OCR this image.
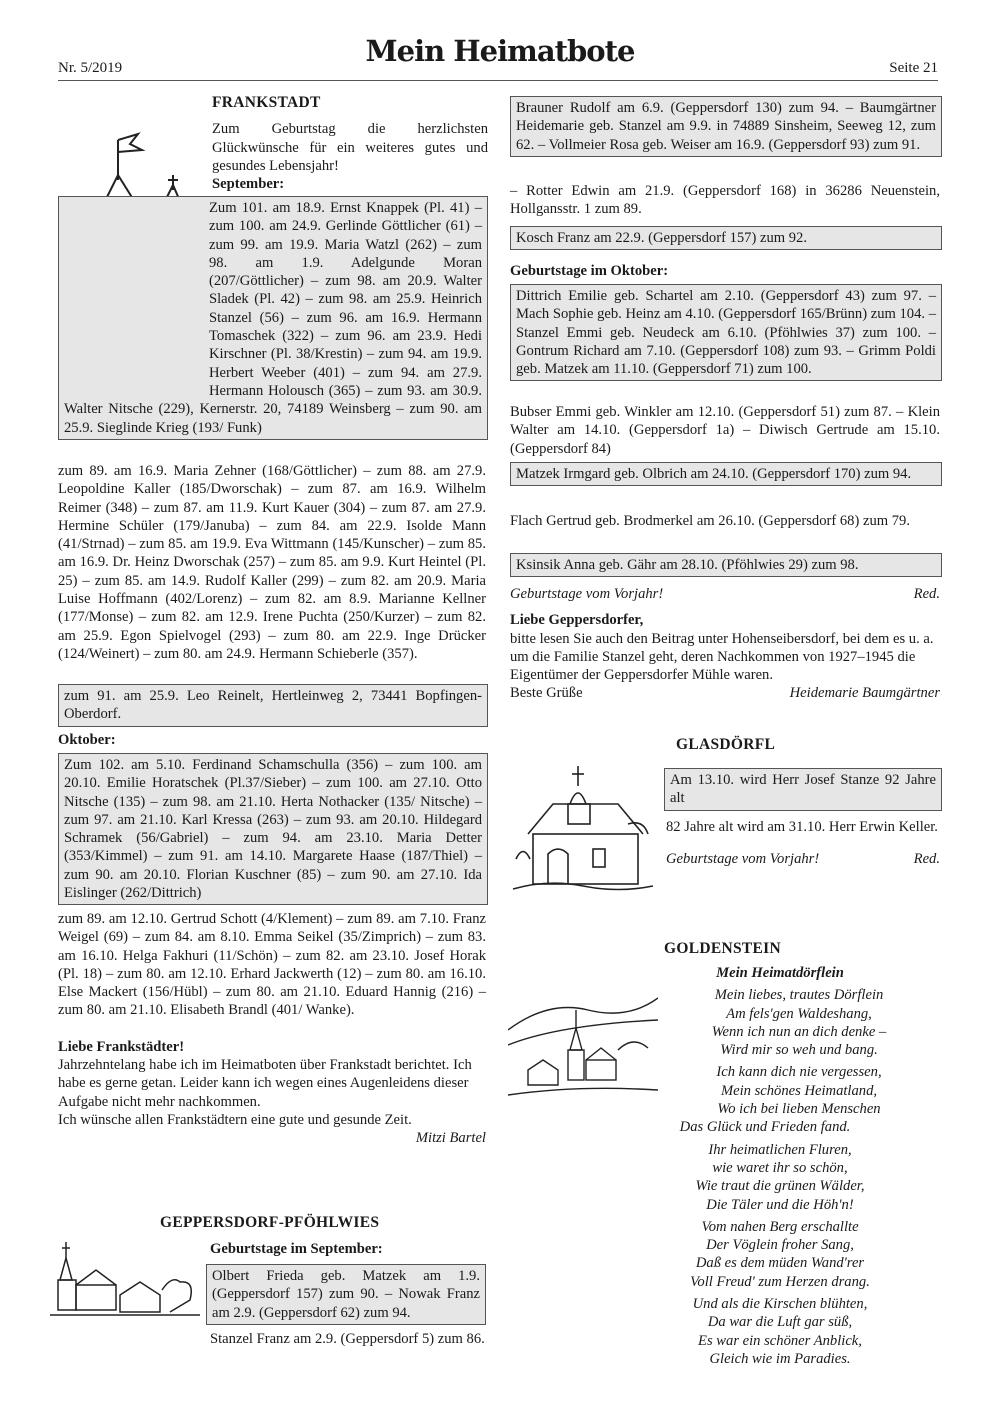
Nr. 5/2019	Mein Heimatbote	Seite 21

FRANKSTADT

Zum Geburtstag die herzlichsten Glückwünsche für ein weiteres gutes und gesundes Lebensjahr!

September:

Zum 101. am 18.9. Ernst Knappek (Pl. 41) – zum 100. am 24.9. Gerlinde Göttlicher (61) – zum 99. am 19.9. Maria Watzl (262) – zum 98. am 1.9. Adelgunde Moran (207/Göttlicher) – zum 98. am 20.9. Walter Sladek (Pl. 42) – zum 98. am 25.9. Heinrich Stanzel (56) – zum 96. am 16.9. Hermann Tomaschek (322) – zum 96. am 23.9. Hedi Kirschner (Pl. 38/Krestin) – zum 94. am 19.9. Herbert Weeber (401) – zum 94. am 27.9. Hermann Holousch (365) – zum 93. am 30.9. Walter Nitsche (229), Kernerstr. 20, 74189 Weinsberg – zum 90. am 25.9. Sieglinde Krieg (193/ Funk)

zum 89. am 16.9. Maria Zehner (168/Göttlicher) – zum 88. am 27.9. Leopoldine Kaller (185/Dworschak) – zum 87. am 16.9. Wilhelm Reimer (348) – zum 87. am 11.9. Kurt Kauer (304) – zum 87. am 27.9. Hermine Schüler (179/Januba) – zum 84. am 22.9. Isolde Mann (41/Strnad) – zum 85. am 19.9. Eva Wittmann (145/Kunscher) – zum 85. am 16.9. Dr. Heinz Dworschak (257) – zum 85. am 9.9. Kurt Heintel (Pl. 25) – zum 85. am 14.9. Rudolf Kaller (299) – zum 82. am 20.9. Maria Luise Hoffmann (402/Lorenz) – zum 82. am 8.9. Marianne Kellner (177/Monse) – zum 82. am 12.9. Irene Puchta (250/Kurzer) – zum 82. am 25.9. Egon Spielvogel (293) – zum 80. am 22.9. Inge Drücker (124/Weinert) – zum 80. am 24.9. Hermann Schieberle (357).

zum 91. am 25.9. Leo Reinelt, Hertleinweg 2, 73441 Bopfingen-Oberdorf.

Oktober:

Zum 102. am 5.10. Ferdinand Schamschulla (356) – zum 100. am 20.10. Emilie Horatschek (Pl.37/Sieber) – zum 100. am 27.10. Otto Nitsche (135) – zum 98. am 21.10. Herta Nothacker (135/ Nitsche) – zum 97. am 21.10. Karl Kressa (263) – zum 93. am 20.10. Hildegard Schramek (56/Gabriel) – zum 94. am 23.10. Maria Detter (353/Kimmel) – zum 91. am 14.10. Margarete Haase (187/Thiel) – zum 90. am 20.10. Florian Kuschner (85) – zum 90. am 27.10. Ida Eislinger (262/Dittrich)

zum 89. am 12.10. Gertrud Schott (4/Klement) – zum 89. am 7.10. Franz Weigel (69) – zum 84. am 8.10. Emma Seikel (35/Zimprich) – zum 83. am 16.10. Helga Fakhuri (11/Schön) – zum 82. am 23.10. Josef Horak (Pl. 18) – zum 80. am 12.10. Erhard Jackwerth (12) – zum 80. am 16.10. Else Mackert (156/Hübl) – zum 80. am 21.10. Eduard Hannig (216) – zum 80. am 21.10. Elisabeth Brandl (401/ Wanke).

Liebe Frankstädter!

Jahrzehntelang habe ich im Heimatboten über Frankstadt berichtet. Ich habe es gerne getan. Leider kann ich wegen eines Augenleidens dieser Aufgabe nicht mehr nachkommen.

Ich wünsche allen Frankstädtern eine gute und gesunde Zeit.

Mitzi Bartel

GEPPERSDORF-PFÖHLWIES

Geburtstage im September:

Olbert Frieda geb. Matzek am 1.9. (Geppersdorf 157) zum 90. – Nowak Franz am 2.9. (Geppersdorf 62) zum 94.

Stanzel Franz am 2.9. (Geppersdorf 5) zum 86.

Brauner Rudolf am 6.9. (Geppersdorf 130) zum 94. – Baumgärtner Heidemarie geb. Stanzel am 9.9. in 74889 Sinsheim, Seeweg 12, zum 62. – Vollmeier Rosa geb. Weiser am 16.9. (Geppersdorf 93) zum 91.

– Rotter Edwin am 21.9. (Geppersdorf 168) in 36286 Neuenstein, Hollgansstr. 1 zum 89.

Kosch Franz am 22.9. (Geppersdorf 157) zum 92.

Geburtstage im Oktober:

Dittrich Emilie geb. Schartel am 2.10. (Geppersdorf 43) zum 97. – Mach Sophie geb. Heinz am 4.10. (Geppersdorf 165/Brünn) zum 104. – Stanzel Emmi geb. Neudeck am 6.10. (Pföhlwies 37) zum 100. – Gontrum Richard am 7.10. (Geppersdorf 108) zum 93. – Grimm Poldi geb. Matzek am 11.10. (Geppersdorf 71) zum 100.

Bubser Emmi geb. Winkler am 12.10. (Geppersdorf 51) zum 87. – Klein Walter am 14.10. (Geppersdorf 1a) – Diwisch Gertrude am 15.10. (Geppersdorf 84)

Matzek Irmgard geb. Olbrich am 24.10. (Geppersdorf 170) zum 94.

Flach Gertrud geb. Brodmerkel am 26.10. (Geppersdorf 68) zum 79.

Ksinsik Anna geb. Gähr am 28.10. (Pföhlwies 29) zum 98.

Geburtstage vom Vorjahr!	Red.

Liebe Geppersdorfer,

bitte lesen Sie auch den Beitrag unter Hohenseibersdorf, bei dem es u. a. um die Familie Stanzel geht, deren Nachkommen von 1927–1945 die Eigentümer der Geppersdorfer Mühle waren.

Beste Grüße	Heidemarie Baumgärtner

GLASDÖRFL

Am 13.10. wird Herr Josef Stanze 92 Jahre alt

82 Jahre alt wird am 31.10. Herr Erwin Keller.

Geburtstage vom Vorjahr!	Red.

GOLDENSTEIN

Mein Heimatdörflein
Mein liebes, trautes Dörflein
Am fels'gen Waldeshang,
Wenn ich nun an dich denke –
Wird mir so weh und bang.
Ich kann dich nie vergessen,
Mein schönes Heimatland,
Wo ich bei lieben Menschen
Das Glück und Frieden fand.
Ihr heimatlichen Fluren,
wie waret ihr so schön,
Wie traut die grünen Wälder,
Die Täler und die Höh'n!
Vom nahen Berg erschallte
Der Vöglein froher Sang,
Daß es dem müden Wand'rer
Voll Freud' zum Herzen drang.
Und als die Kirschen blühten,
Da war die Luft gar süß,
Es war ein schöner Anblick,
Gleich wie im Paradies.
